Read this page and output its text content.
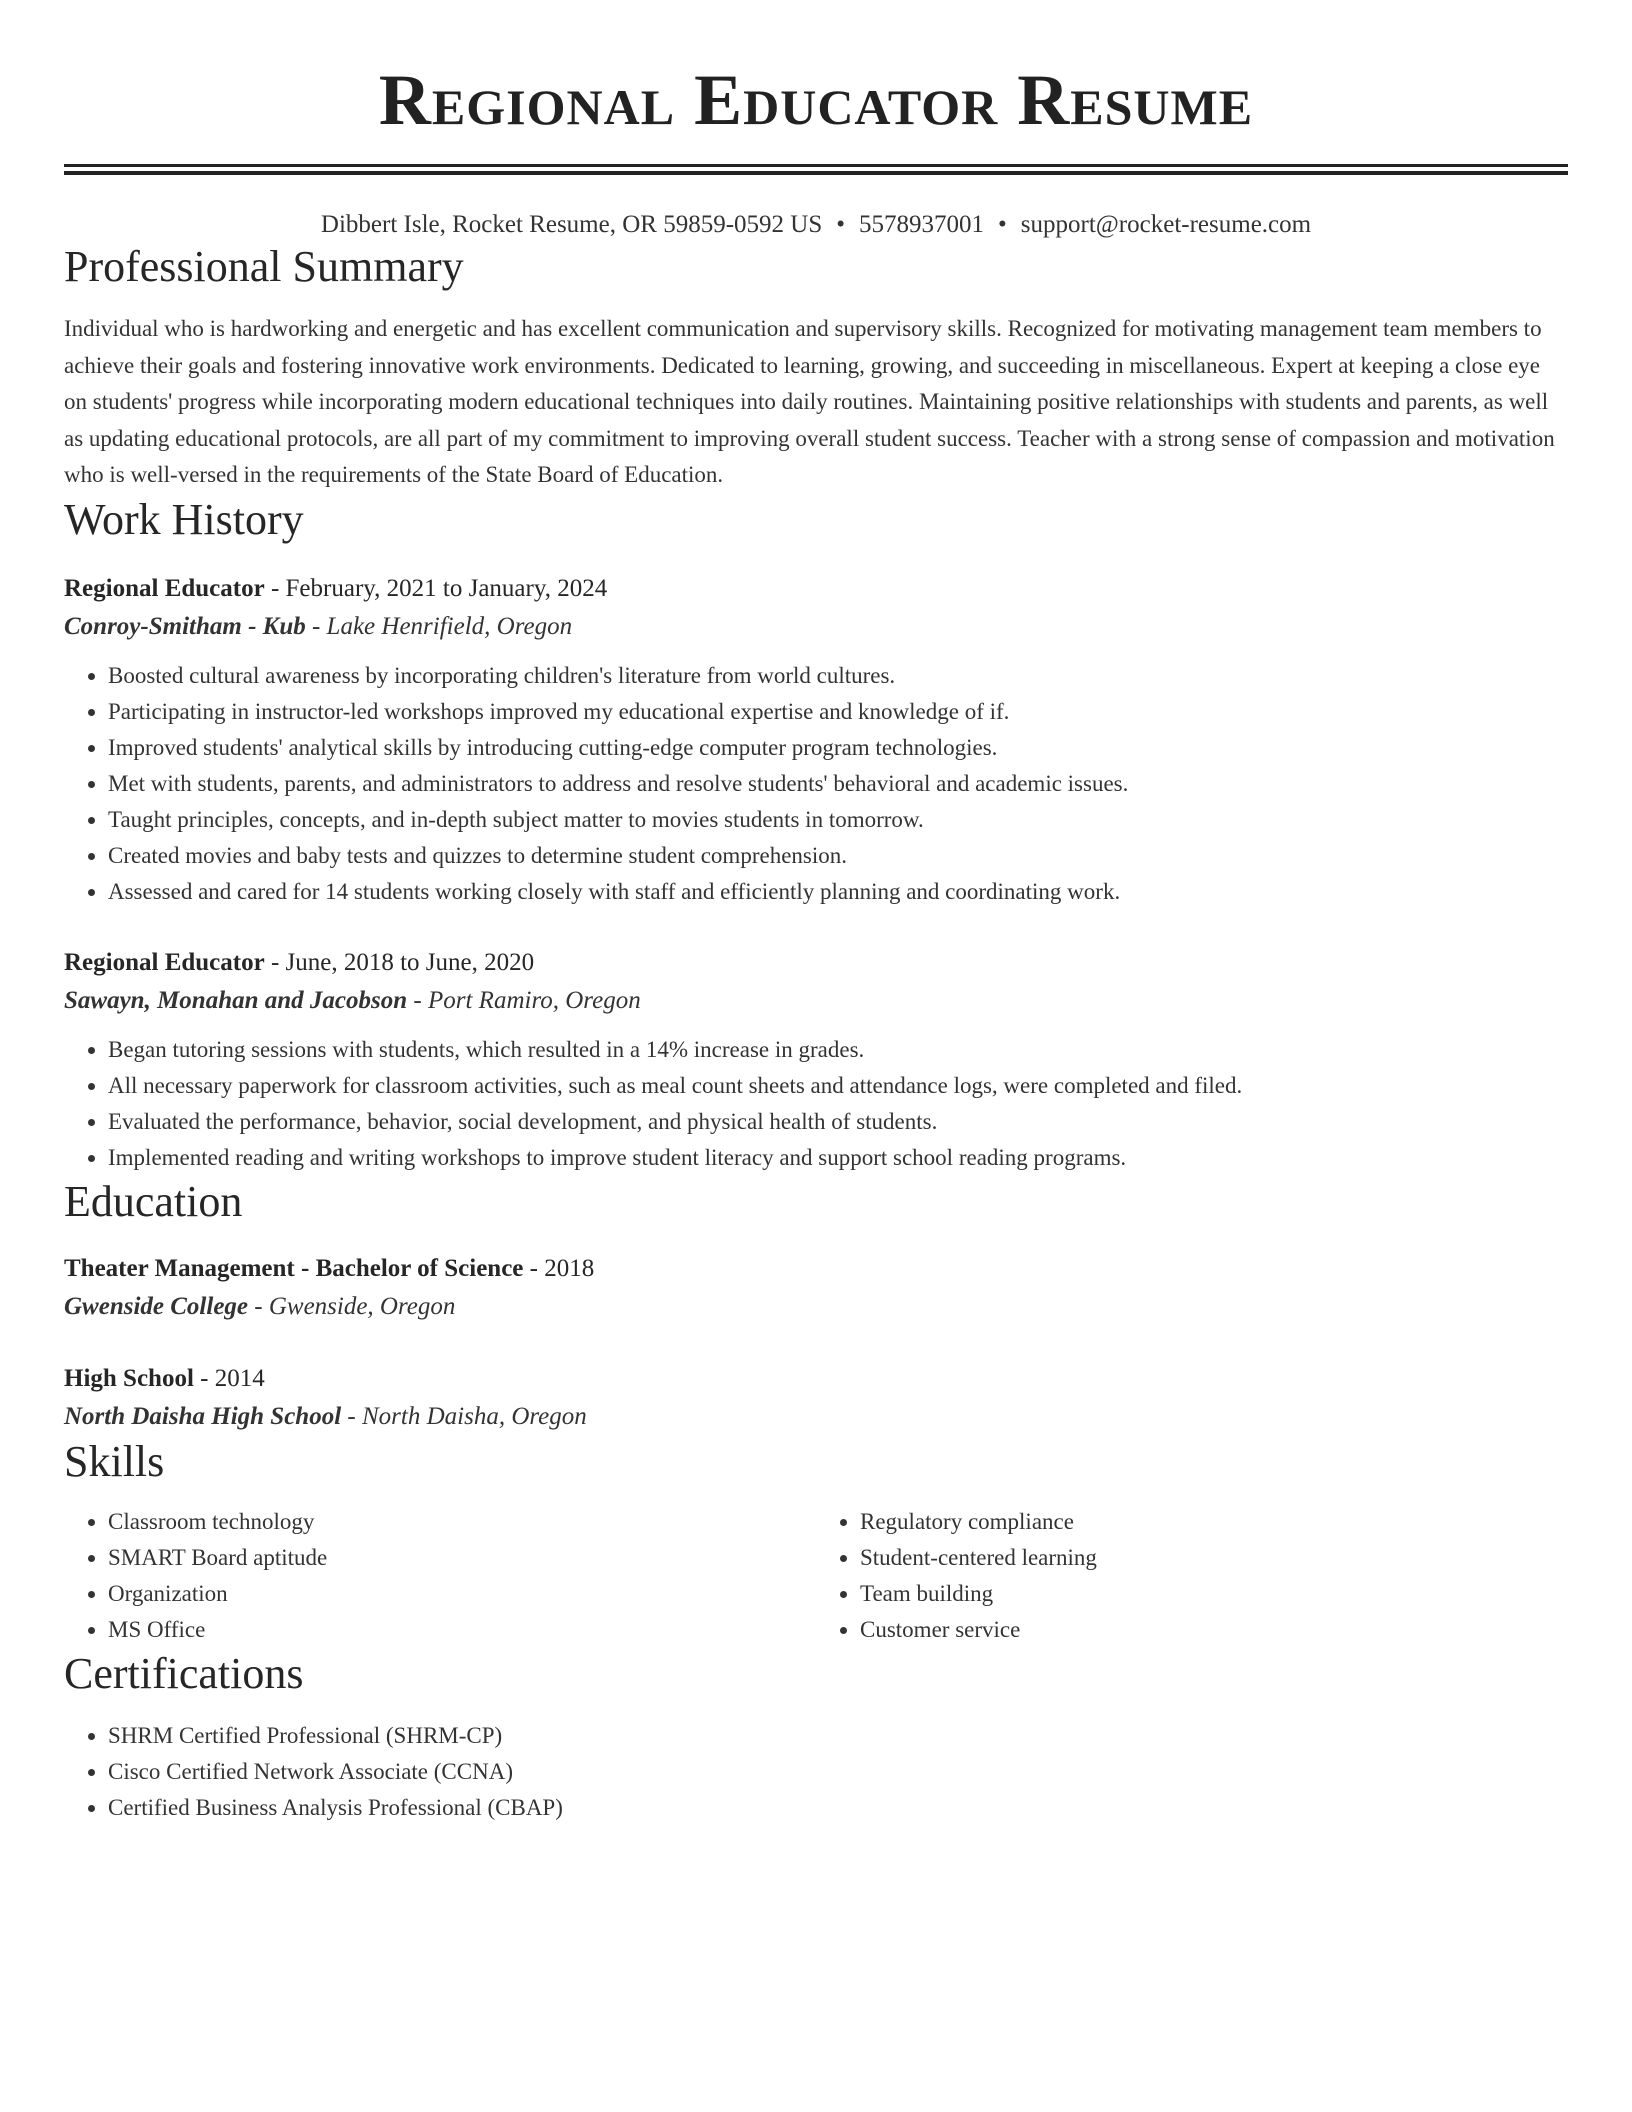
Regional Educator Resume
Dibbert Isle, Rocket Resume, OR 59859-0592 US • 5578937001 • support@rocket-resume.com
Professional Summary

Individual who is hardworking and energetic and has excellent communication and supervisory skills. Recognized for motivating management team members to achieve their goals and fostering innovative work environments. Dedicated to learning, growing, and succeeding in miscellaneous. Expert at keeping a close eye on students' progress while incorporating modern educational techniques into daily routines. Maintaining positive relationships with students and parents, as well as updating educational protocols, are all part of my commitment to improving overall student success. Teacher with a strong sense of compassion and motivation who is well-versed in the requirements of the State Board of Education.

Work History
Regional Educator - February, 2021 to January, 2024
Conroy-Smitham - Kub - Lake Henrifield, Oregon
• Boosted cultural awareness by incorporating children's literature from world cultures.
• Participating in instructor-led workshops improved my educational expertise and knowledge of if.
• Improved students' analytical skills by introducing cutting-edge computer program technologies.
• Met with students, parents, and administrators to address and resolve students' behavioral and academic issues.
• Taught principles, concepts, and in-depth subject matter to movies students in tomorrow.
• Created movies and baby tests and quizzes to determine student comprehension.
• Assessed and cared for 14 students working closely with staff and efficiently planning and coordinating work.
Regional Educator - June, 2018 to June, 2020
Sawayn, Monahan and Jacobson - Port Ramiro, Oregon
• Began tutoring sessions with students, which resulted in a 14% increase in grades.
• All necessary paperwork for classroom activities, such as meal count sheets and attendance logs, were completed and filed.
• Evaluated the performance, behavior, social development, and physical health of students.
• Implemented reading and writing workshops to improve student literacy and support school reading programs.
Education
Theater Management - Bachelor of Science - 2018
Gwenside College - Gwenside, Oregon
High School - 2014
North Daisha High School - North Daisha, Oregon
Skills
• Classroom technology
• SMART Board aptitude
• Organization
• MS Office
• Regulatory compliance
• Student-centered learning
• Team building
• Customer service
Certifications
• SHRM Certified Professional (SHRM-CP)
• Cisco Certified Network Associate (CCNA)
• Certified Business Analysis Professional (CBAP)
